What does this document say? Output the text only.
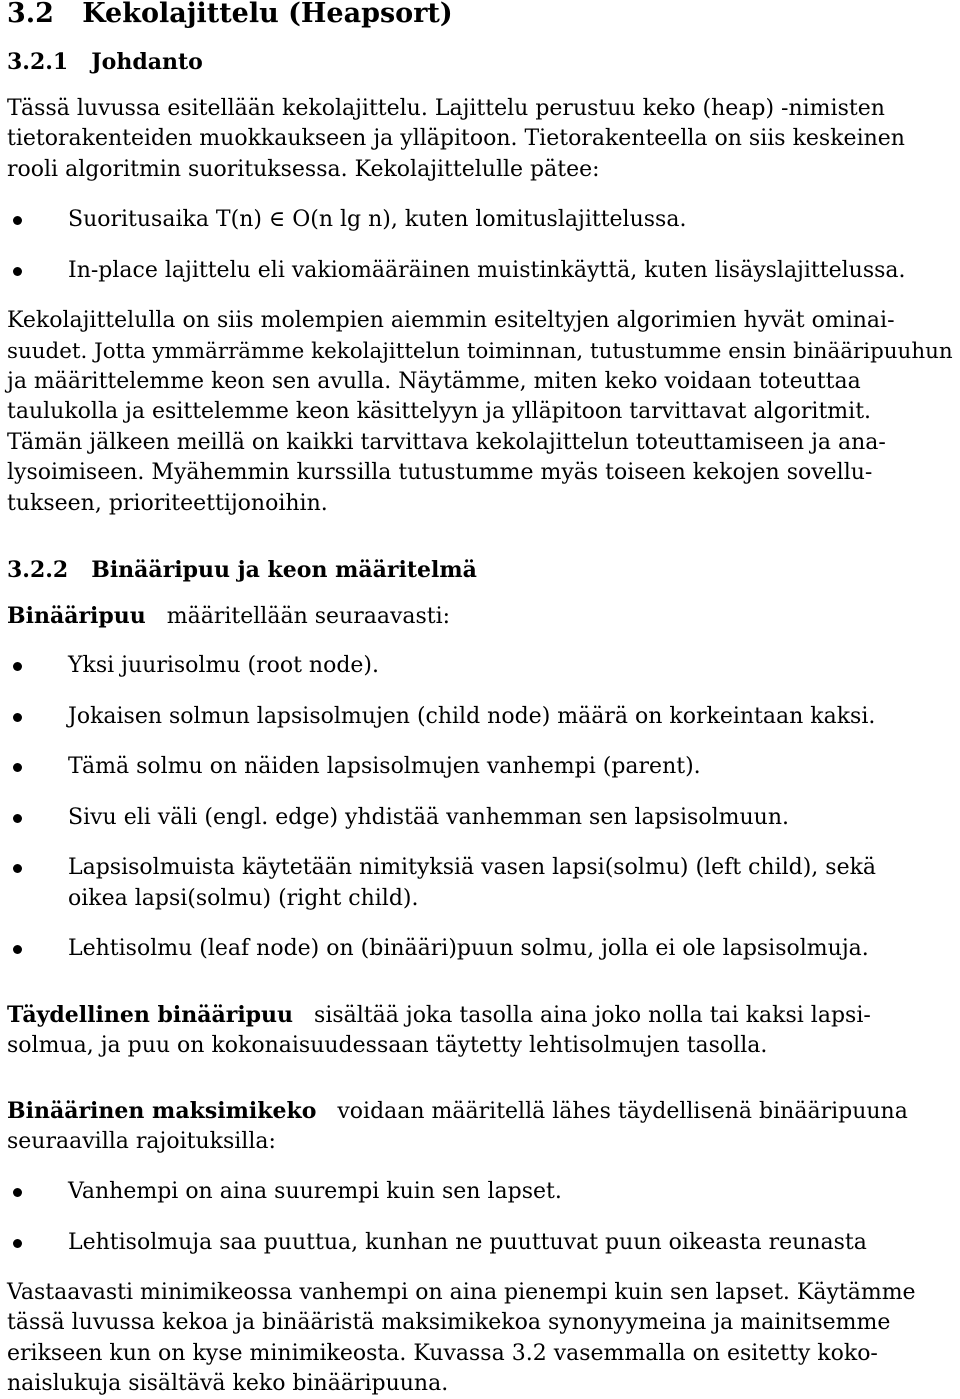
3.2 Kekolajittelu (Heapsort)
3.2.1 Johdanto
Tässä luvussa esitellään kekolajittelu. Lajittelu perustuu keko (heap) -nimisten
tietorakenteiden muokkaukseen ja ylläpitoon. Tietorakenteella on siis keskeinen
rooli algoritmin suorituksessa. Kekolajittelulle pätee:
Suoritusaika T(n) ∈ O(n lg n), kuten lomituslajittelussa.
In-place lajittelu eli vakiomääräinen muistinkäyttä, kuten lisäyslajittelussa.
Kekolajittelulla on siis molempien aiemmin esiteltyjen algorimien hyvät ominai-
suudet. Jotta ymmärrämme kekolajittelun toiminnan, tutustumme ensin binääripuuhun
ja määrittelemme keon sen avulla. Näytämme, miten keko voidaan toteuttaa
taulukolla ja esittelemme keon käsittelyyn ja ylläpitoon tarvittavat algoritmit.
Tämän jälkeen meillä on kaikki tarvittava kekolajittelun toteuttamiseen ja ana-
lysoimiseen. Myähemmin kurssilla tutustumme myäs toiseen kekojen sovellu-
tukseen, prioriteettijonoihin.
3.2.2 Binääripuu ja keon määritelmä
Binääripuu määritellään seuraavasti:
Yksi juurisolmu (root node).
Jokaisen solmun lapsisolmujen (child node) määrä on korkeintaan kaksi.
Tämä solmu on näiden lapsisolmujen vanhempi (parent).
Sivu eli väli (engl. edge) yhdistää vanhemman sen lapsisolmuun.
Lapsisolmuista käytetään nimityksiä vasen lapsi(solmu) (left child), sekä
oikea lapsi(solmu) (right child).
Lehtisolmu (leaf node) on (binääri)puun solmu, jolla ei ole lapsisolmuja.
Täydellinen binääripuu sisältää joka tasolla aina joko nolla tai kaksi lapsi-
solmua, ja puu on kokonaisuudessaan täytetty lehtisolmujen tasolla.
Binäärinen maksimikeko voidaan määritellä lähes täydellisenä binääripuuna
seuraavilla rajoituksilla:
Vanhempi on aina suurempi kuin sen lapset.
Lehtisolmuja saa puuttua, kunhan ne puuttuvat puun oikeasta reunasta
Vastaavasti minimikeossa vanhempi on aina pienempi kuin sen lapset. Käytämme
tässä luvussa kekoa ja binääristä maksimikekoa synonyymeina ja mainitsemme
erikseen kun on kyse minimikeosta. Kuvassa 3.2 vasemmalla on esitetty koko-
naislukuja sisältävä keko binääripuuna.
